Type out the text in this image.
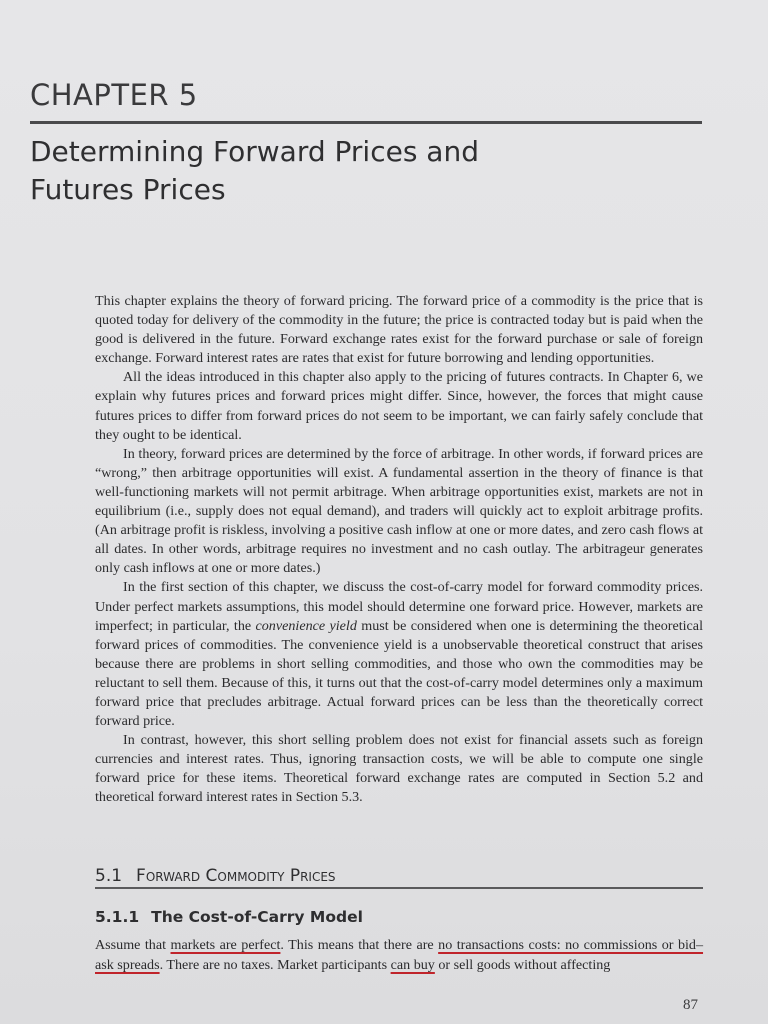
CHAPTER 5
Determining Forward Prices and
Futures Prices

This chapter explains the theory of forward pricing. The forward price of a commodity is the price that is quoted today for delivery of the commodity in the future; the price is contracted today but is paid when the good is delivered in the future. Forward exchange rates exist for the forward purchase or sale of foreign exchange. Forward interest rates are rates that exist for future borrowing and lending opportunities.

All the ideas introduced in this chapter also apply to the pricing of futures contracts. In Chapter 6, we explain why futures prices and forward prices might differ. Since, however, the forces that might cause futures prices to differ from forward prices do not seem to be important, we can fairly safely conclude that they ought to be identical.

In theory, forward prices are determined by the force of arbitrage. In other words, if forward prices are “wrong,” then arbitrage opportunities will exist. A fundamental assertion in the theory of finance is that well-functioning markets will not permit arbitrage. When arbitrage opportunities exist, markets are not in equilibrium (i.e., supply does not equal demand), and traders will quickly act to exploit arbitrage profits. (An arbitrage profit is riskless, involving a positive cash inflow at one or more dates, and zero cash flows at all dates. In other words, arbitrage requires no investment and no cash outlay. The arbitrageur generates only cash inflows at one or more dates.)

In the first section of this chapter, we discuss the cost-of-carry model for forward commodity prices. Under perfect markets assumptions, this model should determine one forward price. However, markets are imperfect; in particular, the convenience yield must be considered when one is determining the theoretical forward prices of commodities. The convenience yield is a unobservable theoretical construct that arises because there are problems in short selling commodities, and those who own the commodities may be reluctant to sell them. Because of this, it turns out that the cost-of-carry model determines only a maximum forward price that precludes arbitrage. Actual forward prices can be less than the theoretically correct forward price.

In contrast, however, this short selling problem does not exist for financial assets such as foreign currencies and interest rates. Thus, ignoring transaction costs, we will be able to compute one single forward price for these items. Theoretical forward exchange rates are computed in Section 5.2 and theoretical forward interest rates in Section 5.3.

5.1 Forward Commodity Prices
5.1.1 The Cost-of-Carry Model

Assume that markets are perfect. This means that there are no transactions costs: no commissions or bid–ask spreads. There are no taxes. Market participants can buy or sell goods without affecting

87
